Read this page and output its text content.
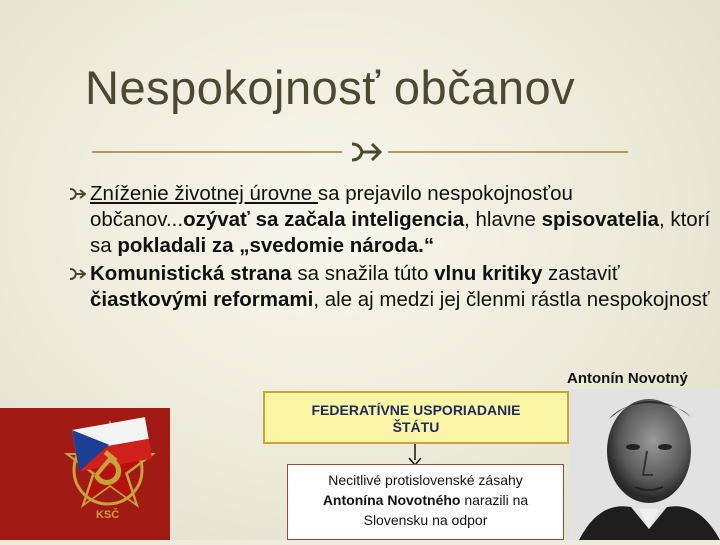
Nespokojnosť občanov
Zníženie životnej úrovne sa prejavilo nespokojnosťou občanov...ozývať sa začala inteligencia, hlavne spisovatelia, ktorí sa pokladali za „svedomie národa.“
Komunistická strana sa snažila túto vlnu kritiky zastaviť čiastkovými reformami, ale aj medzi jej členmi rástla nespokojnosť
Antonín Novotný
FEDERATÍVNE USPORIADANIE
ŠTÁTU
Necitlivé protislovenské zásahy
Antonína Novotného narazili na
Slovensku na odpor
KSČ
